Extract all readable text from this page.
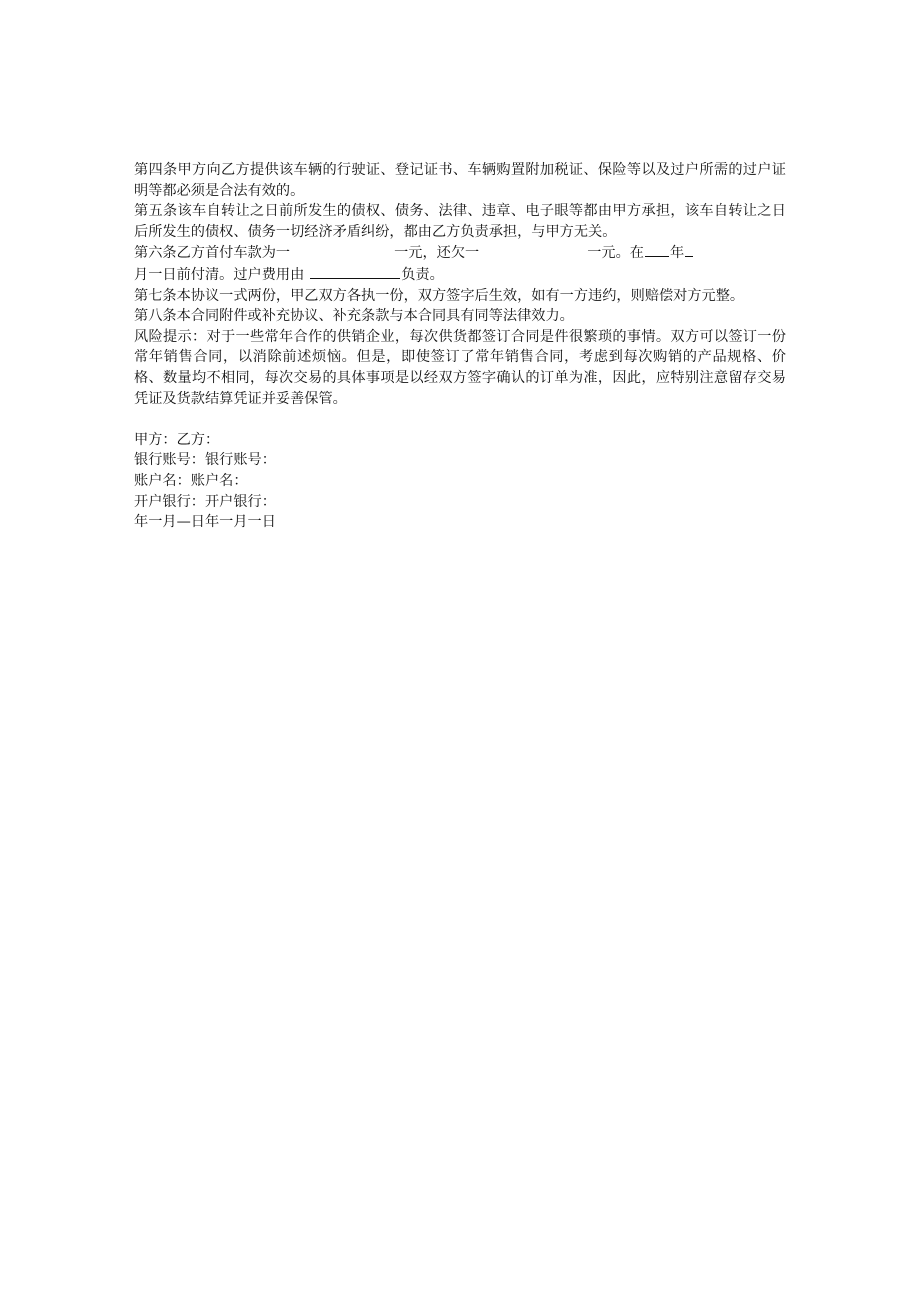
第四条甲方向乙方提供该车辆的行驶证、登记证书、车辆购置附加税证、保险等以及过户所需的过户证明等都必须是合法有效的。

第五条该车自转让之日前所发生的债权、债务、法律、违章、电子眼等都由甲方承担，该车自转让之日后所发生的债权、债务一切经济矛盾纠纷，都由乙方负责承担，与甲方无关。

第六条乙方首付车款为一	一元，还欠一	一元。在 年

月一日前付清。过户费用由	负责。

第七条本协议一式两份，甲乙双方各执一份，双方签字后生效，如有一方违约，则赔偿对方元整。

第八条本合同附件或补充协议、补充条款与本合同具有同等法律效力。

风险提示：对于一些常年合作的供销企业，每次供货都签订合同是件很繁琐的事情。双方可以签订一份常年销售合同，以消除前述烦恼。但是，即使签订了常年销售合同，考虑到每次购销的产品规格、价格、数量均不相同，每次交易的具体事项是以经双方签字确认的订单为准，因此，应特别注意留存交易凭证及货款结算凭证并妥善保管。

甲方：乙方：

银行账号：银行账号：

账户名：账户名：

开户银行：开户银行：

年一月—日年一月一日
